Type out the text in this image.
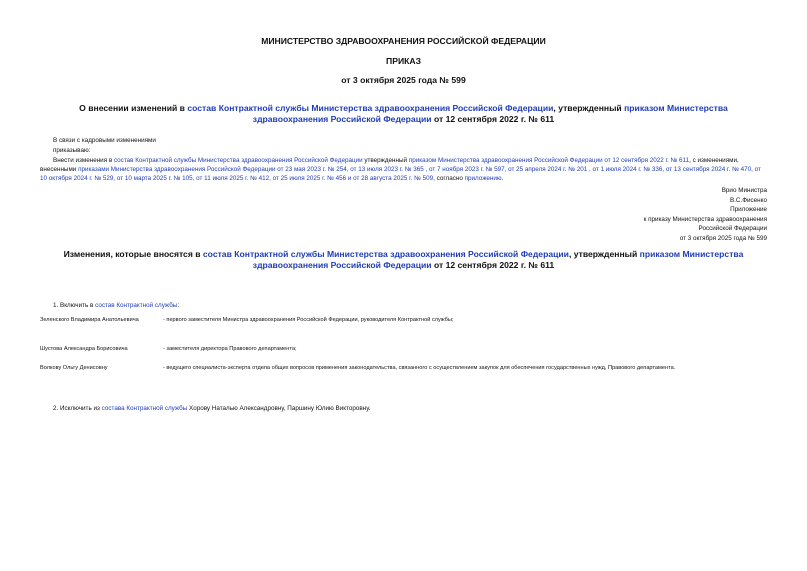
МИНИСТЕРСТВО ЗДРАВООХРАНЕНИЯ РОССИЙСКОЙ ФЕДЕРАЦИИ
ПРИКАЗ
от 3 октября 2025 года № 599
О внесении изменений в состав Контрактной службы Министерства здравоохранения Российской Федерации, утвержденный приказом Министерства
здравоохранения Российской Федерации от 12 сентября 2022 г. № 611
В связи с кадровыми изменениями
приказываю:
Внести изменения в состав Контрактной службы Министерства здравоохранения Российской Федерации утвержденный приказом Министерства здравоохранения Российской Федерации от 12 сентября 2022 г. № 611, с изменениями, внесенными приказами Министерства здравоохранения Российской Федерации от 23 мая 2023 г. № 254, от 13 июля 2023 г. № 365 , от 7 ноября 2023 г. № 597, от 25 апреля 2024 г. № 201 , от 1 июля 2024 г. № 336, от 13 сентября 2024 г. № 470, от 10 октября 2024 г. № 529, от 10 марта 2025 г. № 105, от 11 июля 2025 г. № 412, от 25 июля 2025 г. № 456 и от 28 августа 2025 г. № 509, согласно приложению.
Врио Министра
В.С.Фисенко
Приложение
к приказу Министерства здравоохранения
Российской Федерации
от 3 октября 2025 года № 599
Изменения, которые вносятся в состав Контрактной службы Министерства здравоохранения Российской Федерации, утвержденный приказом Министерства
здравоохранения Российской Федерации от 12 сентября 2022 г. № 611
1. Включить в состав Контрактной службы:
Зеленского Владимира Анатольевича	- первого заместителя Министра здравоохранения Российской Федерации, руководителя Контрактной службы;
Шустова Александра Борисовича	- заместителя директора Правового департамента;
Волкову Ольгу Денисовну	- ведущего специалиста-эксперта отдела общих вопросов применения законодательства, связанного с осуществлением закупок для обеспечения государственных нужд, Правового департамента.
2. Исключить из состава Контрактной службы Хорову Наталью Александровну, Паршину Юлию Викторовну.
